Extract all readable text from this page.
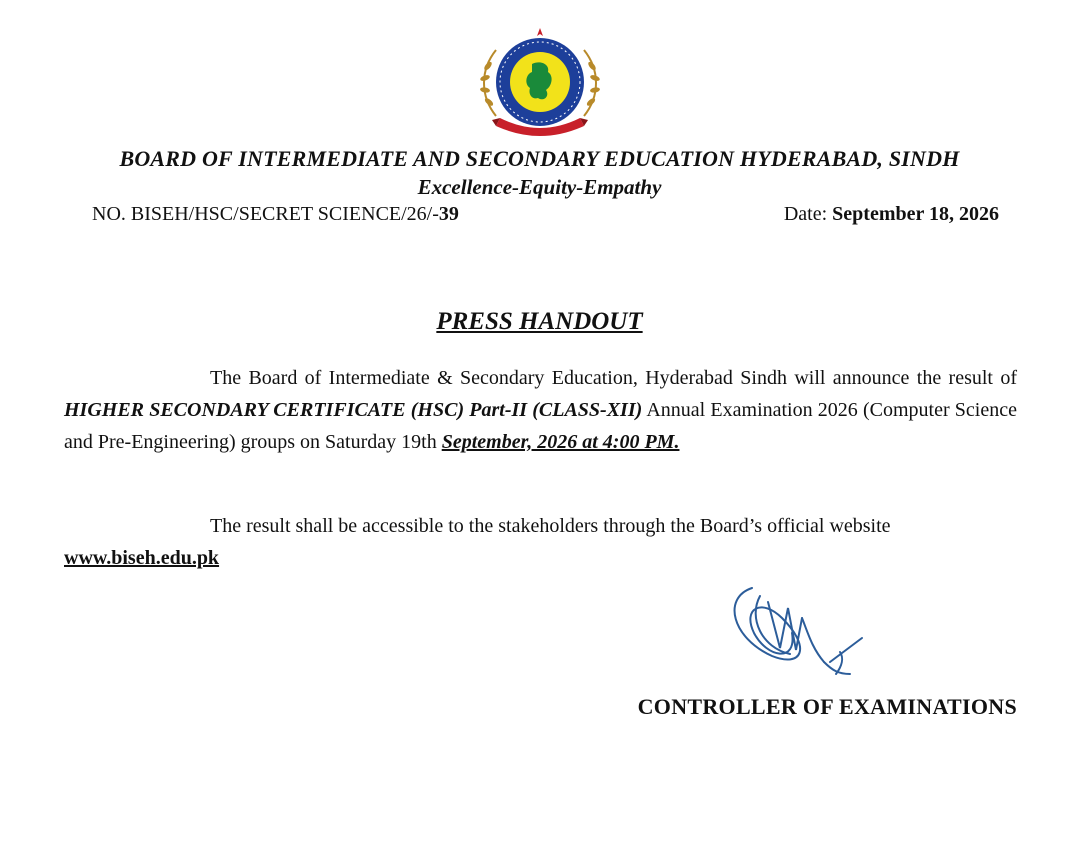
BOARD OF INTERMEDIATE AND SECONDARY EDUCATION HYDERABAD, SINDH
Excellence-Equity-Empathy
NO. BISEH/HSC/SECRET SCIENCE/26/-39	Date: September 18, 2026
PRESS HANDOUT
The Board of Intermediate & Secondary Education, Hyderabad Sindh will announce the result of HIGHER SECONDARY CERTIFICATE (HSC) Part-II (CLASS-XII) Annual Examination 2026 (Computer Science and Pre-Engineering) groups on Saturday 19th September, 2026 at 4:00 PM.
The result shall be accessible to the stakeholders through the Board’s official website
www.biseh.edu.pk
CONTROLLER OF EXAMINATIONS
